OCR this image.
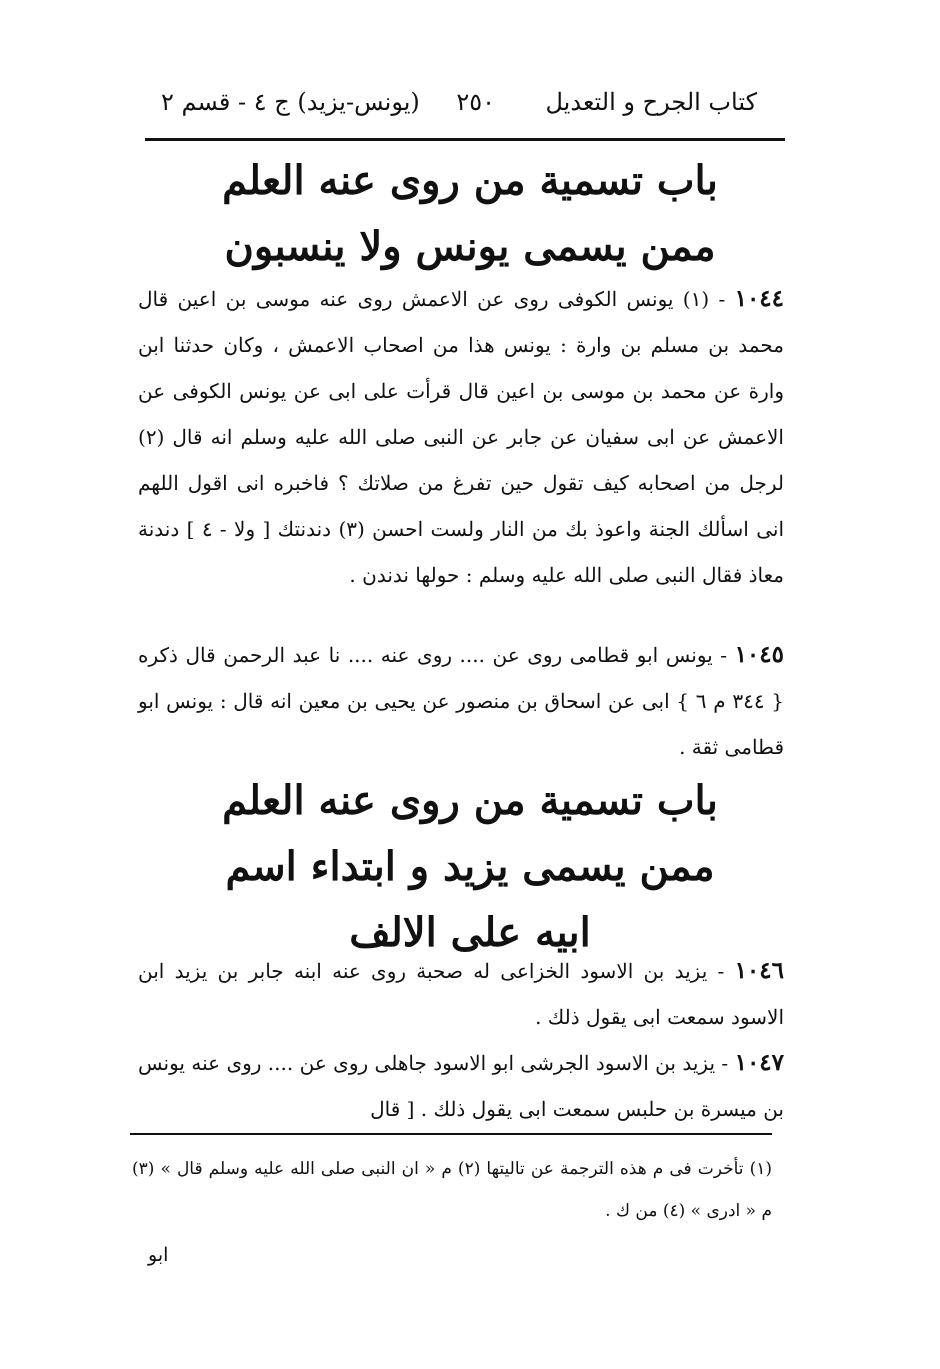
كتاب الجرح و التعديل
٢٥٠
(يونس-يزيد) ج ٤ - قسم ٢
باب تسمية من روى عنه العلم
ممن يسمى يونس ولا ينسبون
١٠٤٤ - (١) يونس الكوفى روى عن الاعمش روى عنه موسى بن اعين قال محمد بن مسلم بن وارة : يونس هذا من اصحاب الاعمش ، وكان حدثنا ابن وارة عن محمد بن موسى بن اعين قال قرأت على ابى عن يونس الكوفى عن الاعمش عن ابى سفيان عن جابر عن النبى صلى الله عليه وسلم انه قال (٢) لرجل من اصحابه كيف تقول حين تفرغ من صلاتك ؟ فاخبره انى اقول اللهم انى اسألك الجنة واعوذ بك من النار ولست احسن (٣) دندنتك [ ولا - ٤ ] دندنة معاذ فقال النبى صلى الله عليه وسلم : حولها ندندن .
١٠٤٥ - يونس ابو قطامى روى عن .... روى عنه .... نا عبد الرحمن قال ذكره { ٣٤٤ م ٦ } ابى عن اسحاق بن منصور عن يحيى بن معين انه قال : يونس ابو قطامى ثقة .
باب تسمية من روى عنه العلم
ممن يسمى يزيد و ابتداء اسم
ابيه على الالف
١٠٤٦ - يزيد بن الاسود الخزاعى له صحبة روى عنه ابنه جابر بن يزيد ابن الاسود سمعت ابى يقول ذلك .
١٠٤٧ - يزيد بن الاسود الجرشى ابو الاسود جاهلى روى عن .... روى عنه يونس بن ميسرة بن حلبس سمعت ابى يقول ذلك . [ قال
(١) تأخرت فى م هذه الترجمة عن تاليتها (٢) م « ان النبى صلى الله عليه وسلم قال » (٣) م « ادرى » (٤) من ك .
ابو
